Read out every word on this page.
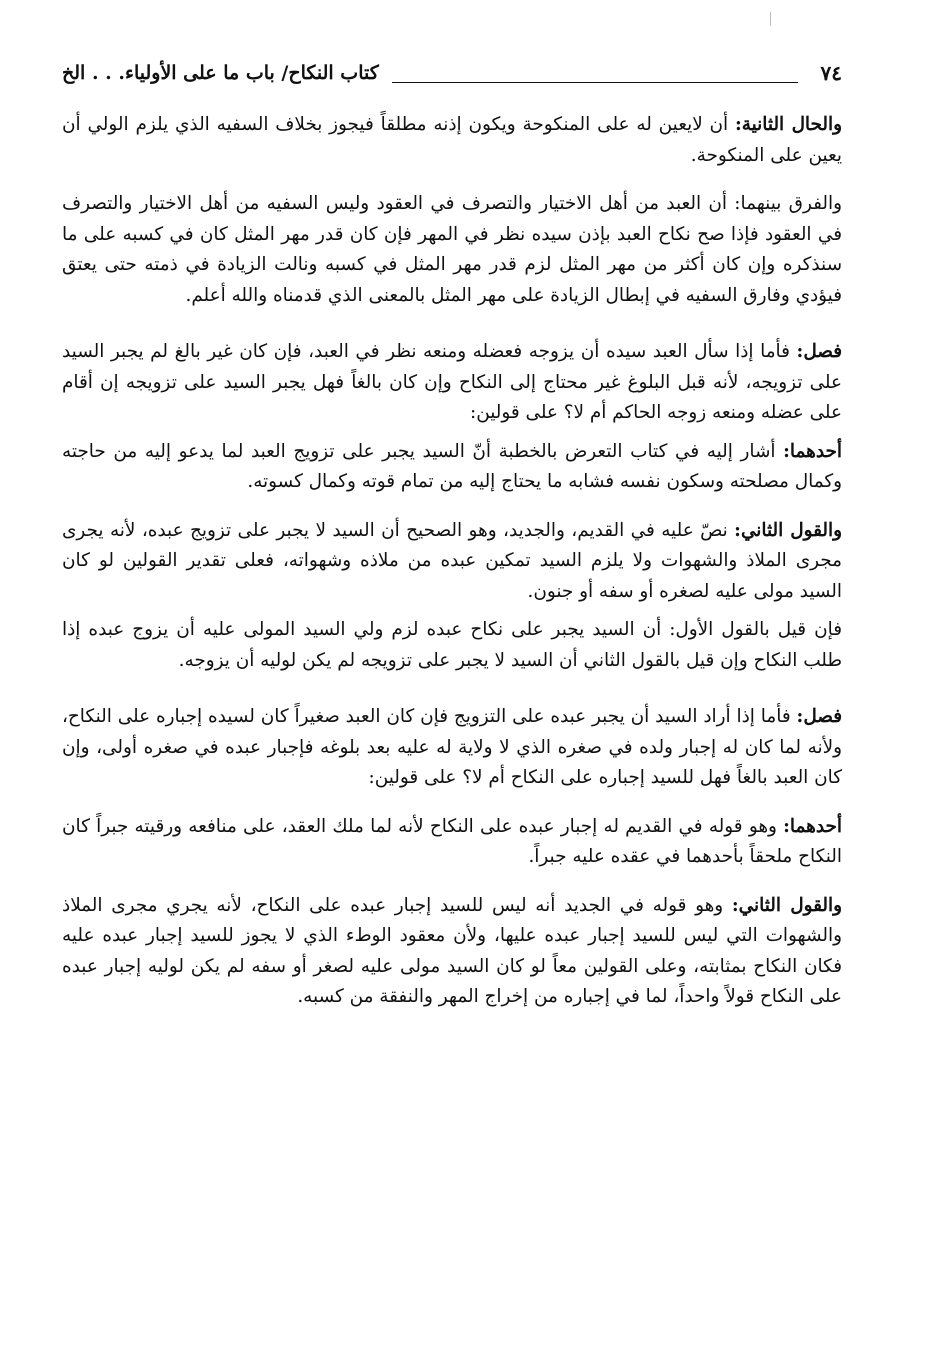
٧٤
كتاب النكاح/ باب ما على الأولياء. . . الخ

والحال الثانية: أن لايعين له على المنكوحة ويكون إذنه مطلقاً فيجوز بخلاف السفيه الذي يلزم الولي أن يعين على المنكوحة.

والفرق بينهما: أن العبد من أهل الاختيار والتصرف في العقود وليس السفيه من أهل الاختيار والتصرف في العقود فإذا صح نكاح العبد بإذن سيده نظر في المهر فإن كان قدر مهر المثل كان في كسبه على ما سنذكره وإن كان أكثر من مهر المثل لزم قدر مهر المثل في كسبه ونالت الزيادة في ذمته حتى يعتق فيؤدي وفارق السفيه في إبطال الزيادة على مهر المثل بالمعنى الذي قدمناه والله أعلم.

فصل: فأما إذا سأل العبد سيده أن يزوجه فعضله ومنعه نظر في العبد، فإن كان غير بالغ لم يجبر السيد على تزويجه، لأنه قبل البلوغ غير محتاج إلى النكاح وإن كان بالغاً فهل يجبر السيد على تزويجه إن أقام على عضله ومنعه زوجه الحاكم أم لا؟ على قولين:

أحدهما: أشار إليه في كتاب التعرض بالخطبة أنّ السيد يجبر على تزويج العبد لما يدعو إليه من حاجته وكمال مصلحته وسكون نفسه فشابه ما يحتاج إليه من تمام قوته وكمال كسوته.

والقول الثاني: نصّ عليه في القديم، والجديد، وهو الصحيح أن السيد لا يجبر على تزويج عبده، لأنه يجرى مجرى الملاذ والشهوات ولا يلزم السيد تمكين عبده من ملاذه وشهواته، فعلى تقدير القولين لو كان السيد مولى عليه لصغره أو سفه أو جنون.

فإن قيل بالقول الأول: أن السيد يجبر على نكاح عبده لزم ولي السيد المولى عليه أن يزوج عبده إذا طلب النكاح وإن قيل بالقول الثاني أن السيد لا يجبر على تزويجه لم يكن لوليه أن يزوجه.

فصل: فأما إذا أراد السيد أن يجبر عبده على التزويج فإن كان العبد صغيراً كان لسيده إجباره على النكاح، ولأنه لما كان له إجبار ولده في صغره الذي لا ولاية له عليه بعد بلوغه فإجبار عبده في صغره أولى، وإن كان العبد بالغاً فهل للسيد إجباره على النكاح أم لا؟ على قولين:

أحدهما: وهو قوله في القديم له إجبار عبده على النكاح لأنه لما ملك العقد، على منافعه ورقيته جبراً كان النكاح ملحقاً بأحدهما في عقده عليه جبراً.

والقول الثاني: وهو قوله في الجديد أنه ليس للسيد إجبار عبده على النكاح، لأنه يجري مجرى الملاذ والشهوات التي ليس للسيد إجبار عبده عليها، ولأن معقود الوطء الذي لا يجوز للسيد إجبار عبده عليه فكان النكاح بمثابته، وعلى القولين معاً لو كان السيد مولى عليه لصغر أو سفه لم يكن لوليه إجبار عبده على النكاح قولاً واحداً، لما في إجباره من إخراج المهر والنفقة من كسبه.
